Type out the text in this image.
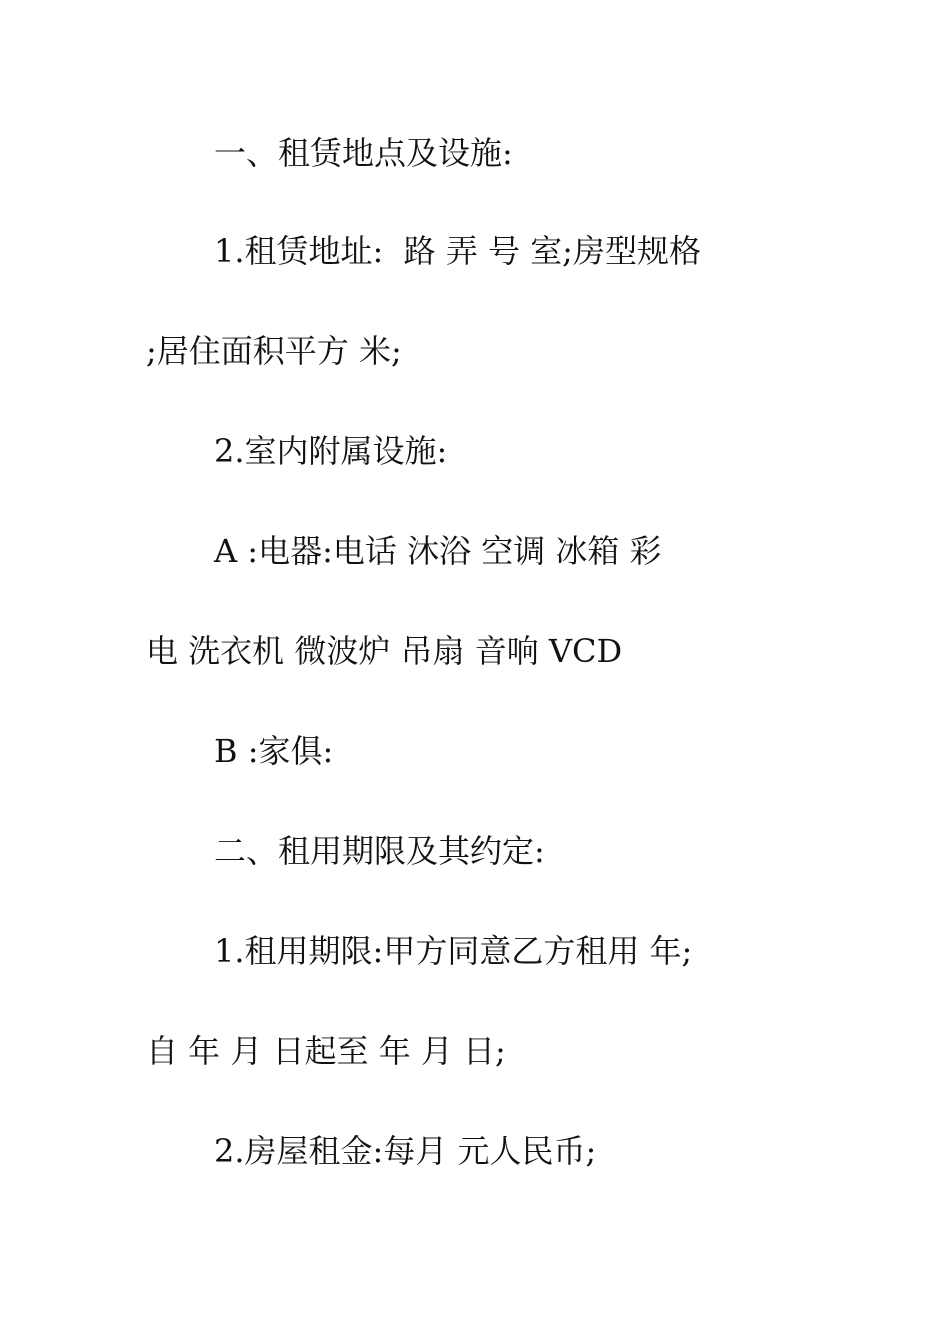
一、租赁地点及设施:
1.租赁地址:  路 弄 号 室;房型规格
;居住面积平方 米;
2.室内附属设施:
A :电器:电话 沐浴 空调 冰箱 彩
电 洗衣机 微波炉 吊扇 音响 VCD
B :家俱:
二、租用期限及其约定:
1.租用期限:甲方同意乙方租用 年;
自 年 月 日起至 年 月 日;
2.房屋租金:每月 元人民币;
